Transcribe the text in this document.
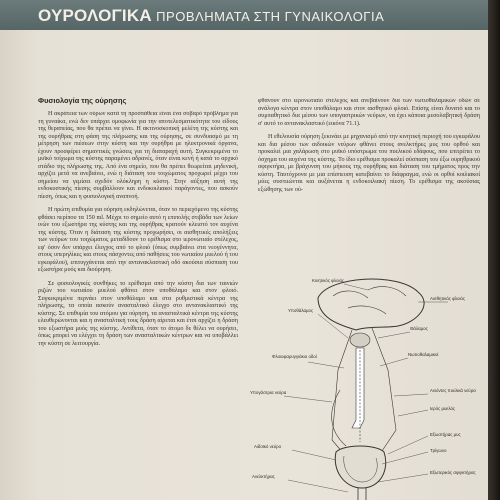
ΟΥΡΟΛΟΓΙΚΑ ΠΡΟΒΛΗΜΑΤΑ ΣΤΗ ΓΥΝΑΙΚΟΛΟΓΙΑ
Φυσιολογία της ούρησης

Η ακράτεια των ούρων κατά τη προσπάθεια είναι ένα σοβαρό πρόβλημα για τη γυναίκα, ενώ δεν υπάρχει ομοφωνία για την αποτελεσματικότητα του είδους της θεραπείας, που θα πρέπει να γίνει. Η ακτινοσκοπική μελέτη της κύστης και της ουρήθρας στη φάση της πλήρωσης και της ούρησης, σε συνδυασμό με τη μέτρηση των πιέσεων στην κύστη και την ουρήθρα με ηλεκτρονικά όργανα, έχουν προσφέρει σημαντικές γνώσεις για τη διαταραχή αυτή. Συγκεκριμένα το μυϊκό τοίχωμα της κύστης παραμένει αδρανές, όταν είναι κενή ή κατά το αρχικό στάδιο της πλήρωσης της. Από ένα σημείο, που θα πρέπει θεωρείται μηδενική, αρχίζει μετά να ανεβαίνει, ενώ η διάταση του τοιχώματος προχωρεί μέχρι του σημείου να γεμίσει σχεδόν ολόκληρη η κύστη. Στην αύξηση αυτή της ενδοκυστικής πίεσης συμβάλλουν και ενδοκοιλιακοί παράγοντες, που ασκούν πίεση, όπως και η φυσιολογική αναπνοή.

Η πρώτη επιθυμία για ούρηση εκδηλώνεται, όταν το περιεχόμενο της κύστης φθάσει περίπου τα 150 ml. Μέχρι το σημείο αυτό η επιπολής στιβάδα των λείων ινών του εξωστήρα της κύστης και της ουρήθρας κρατούν κλειστό τον αυχένα της κύστης. Όταν η διάταση της κύστης προχωρήσει, οι αισθητικές απολήξεις των νεύρων του τοιχώματος μεταδίδουν το ερέθισμα στο ιερονωτιαίο στέλεχος, εφ' όσον δεν υπάρχει έλεγχος από το φλοιό (όπως συμβαίνει στα νεογέννητα, στους υπερηλίκες και στους πάσχοντες από παθήσεις του νωτιαίου μυελού ή του εγκεφάλου), επιτυγχάνεται από την αντανακλαστική οδό ακούσια σύσπαση του εξωστήρα μυός και διούρηση.

Σε φυσιολογικές συνθήκες το ερέθισμα από την κύστη δια των ταινιών ριζών του νωτιαίου μυελού φθάνει στον υποθάλαμο και στον φλοιό. Συγκεκριμένα περνάει στον υποθάλαμο και στα ρυθμιστικά κέντρα της πλήρωσης, τα οποία ασκούν ανασταλτικό έλεγχο στο αντανακλαστικό της κύστης. Σε επιθυμία του ατόμου για ούρηση, τα ανασταλτικά κέντρα της κύστης ελευθερώνονται και η ανασταλτική τους δράση αίρεται και έτσι αρχίζει η δράση του εξωστήρα μυός της κύστης. Αντίθετα, όταν το άτομο δε θέλει να ουρήσει, όπως μπορεί να ελέγχει τη δράση των ανασταλτικών κέντρων και να υποβάλλει την κύστη σε λειτουργία.

φθάνουν στο ιερονωτιαίο στέλεχος και ανεβαίνουν δια των νωτιοθαλαμικών οδών σε ανάλογα κέντρα στον υποθάλαμο και στον αισθητικό φλοιό. Επίσης είναι δυνατό και το συμπαθητικό δια μέσου των υπογαστρικών νεύρων, να έχει κάποια μεσολαβητική δράση σ' αυτό το αντανακλαστικό (εικόνα 71.1).

Η εθελουσία ούρηση ξεκινάει με μηχανισμό από την κινητική περιοχή του εγκεφάλου και δια μέσου των αιδοικών νεύρων φθάνει στους ανελκτήρες μυς του ορθού και προκαλεί μια χαλάρωση στο μυϊκό υπόστρωμα του πυελικού εδάφους, που επιτρέπει το όσχημα του αυχένα της κύστης. Το ίδιο ερέθισμα προκαλεί σύσπαση του έξω ουρηθρικού σφιγκτήρα, με βράχυνση του μήκους της ουρήθρας και διάταση του τμήματος προς την κύστη. Ταυτόχρονα με μια επίσπευση κατεβαίνει το διάφραγμα, ενώ οι ορθοί κοιλιακοί μύες συστιιώνται και αυξάνεται η ενδοκοιλιακή πίεση. Το ερέθισμα της ακούσιας εξώθησης των ού-

Κινητικός φλοιός
Αισθητικός φλοιός
Υποθάλαμος
Θάλαμος
Φλοιοφαρυγγιάκοι οδοί	Νωτιοθαλαμικοί
Υπογάστρια νεύρα	Ανιόντες πυελικά νεύρα
Ιερός μυελός
Εξωστήρας μυς
Τρίγωνο
Αιδοϊκό νεύρο
Εξωτερικός σφιγκτήρας
Ανελκτήρας
